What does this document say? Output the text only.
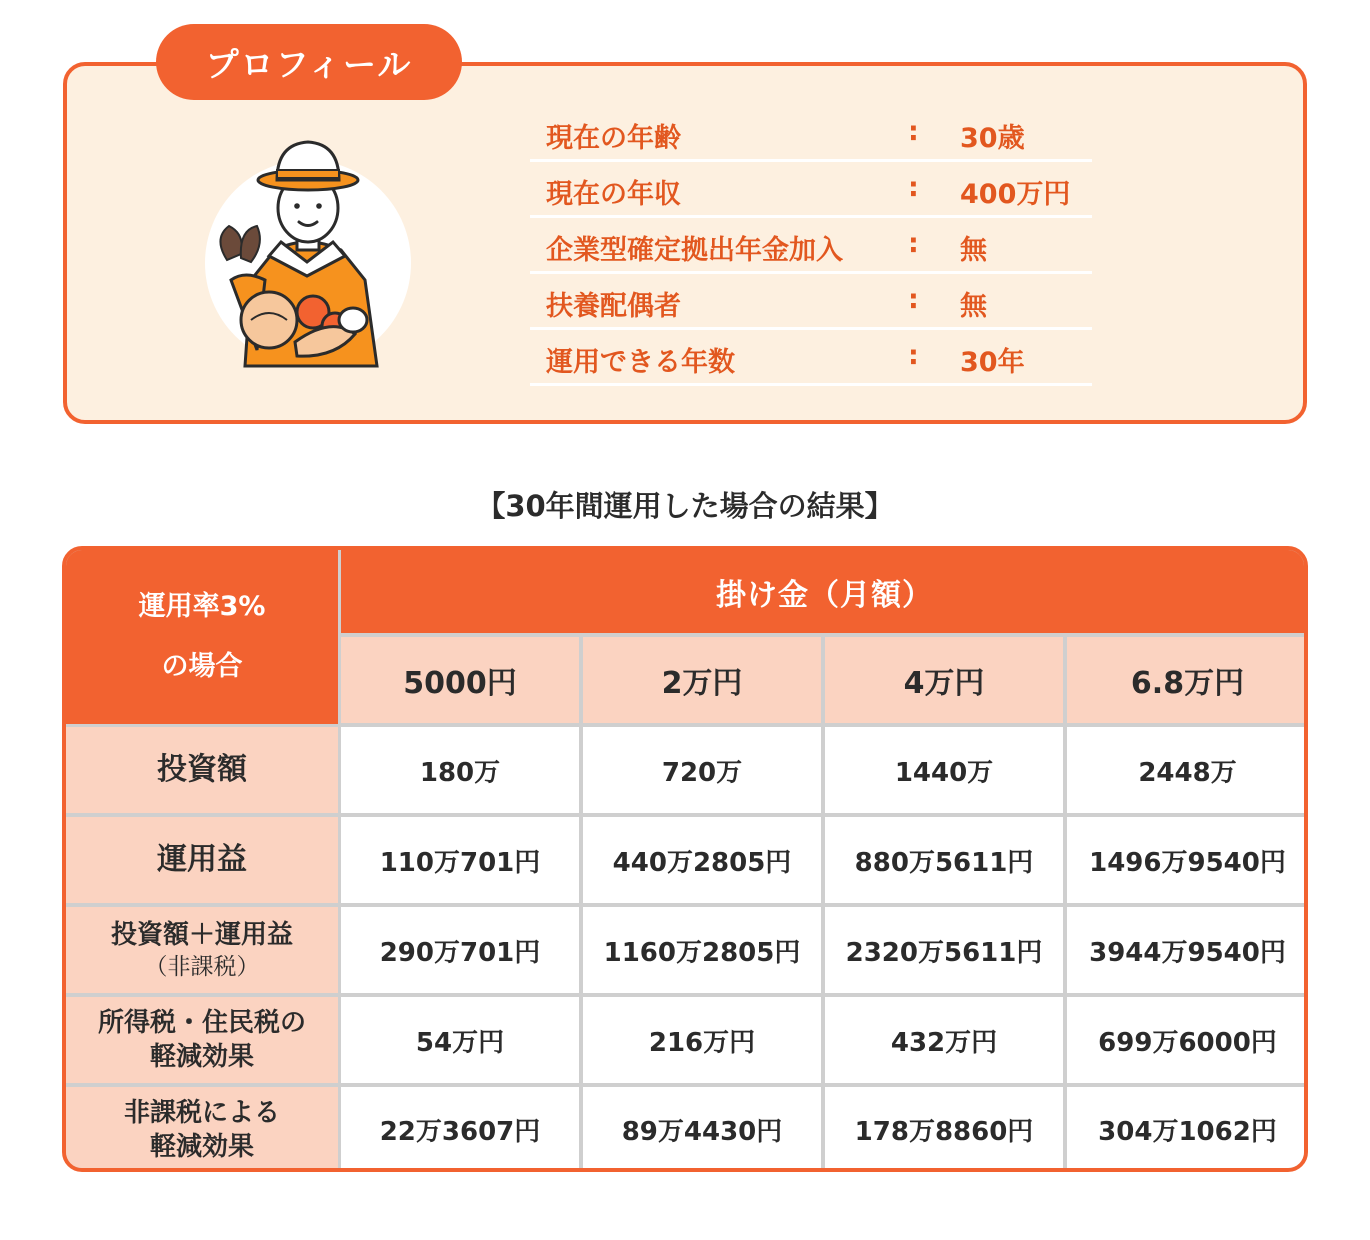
プロフィール
現在の年齢	: 30歳
現在の年収	: 400万円
企業型確定拠出年金加入 : 無
扶養配偶者	: 無
運用できる年数	: 30年
【30年間運用した場合の結果】
運用率3%
の場合
掛け金（月額）
5000円	2万円	4万円	6.8万円
投資額	180万	720万	1440万	2448万
運用益	110万701円	440万2805円	880万5611円	1496万9540円
投資額＋運用益
（非課税）	290万701円	1160万2805円	2320万5611円	3944万9540円
所得税・住民税の
軽減効果	54万円	216万円	432万円	699万6000円
非課税による
軽減効果	22万3607円	89万4430円	178万8860円	304万1062円
